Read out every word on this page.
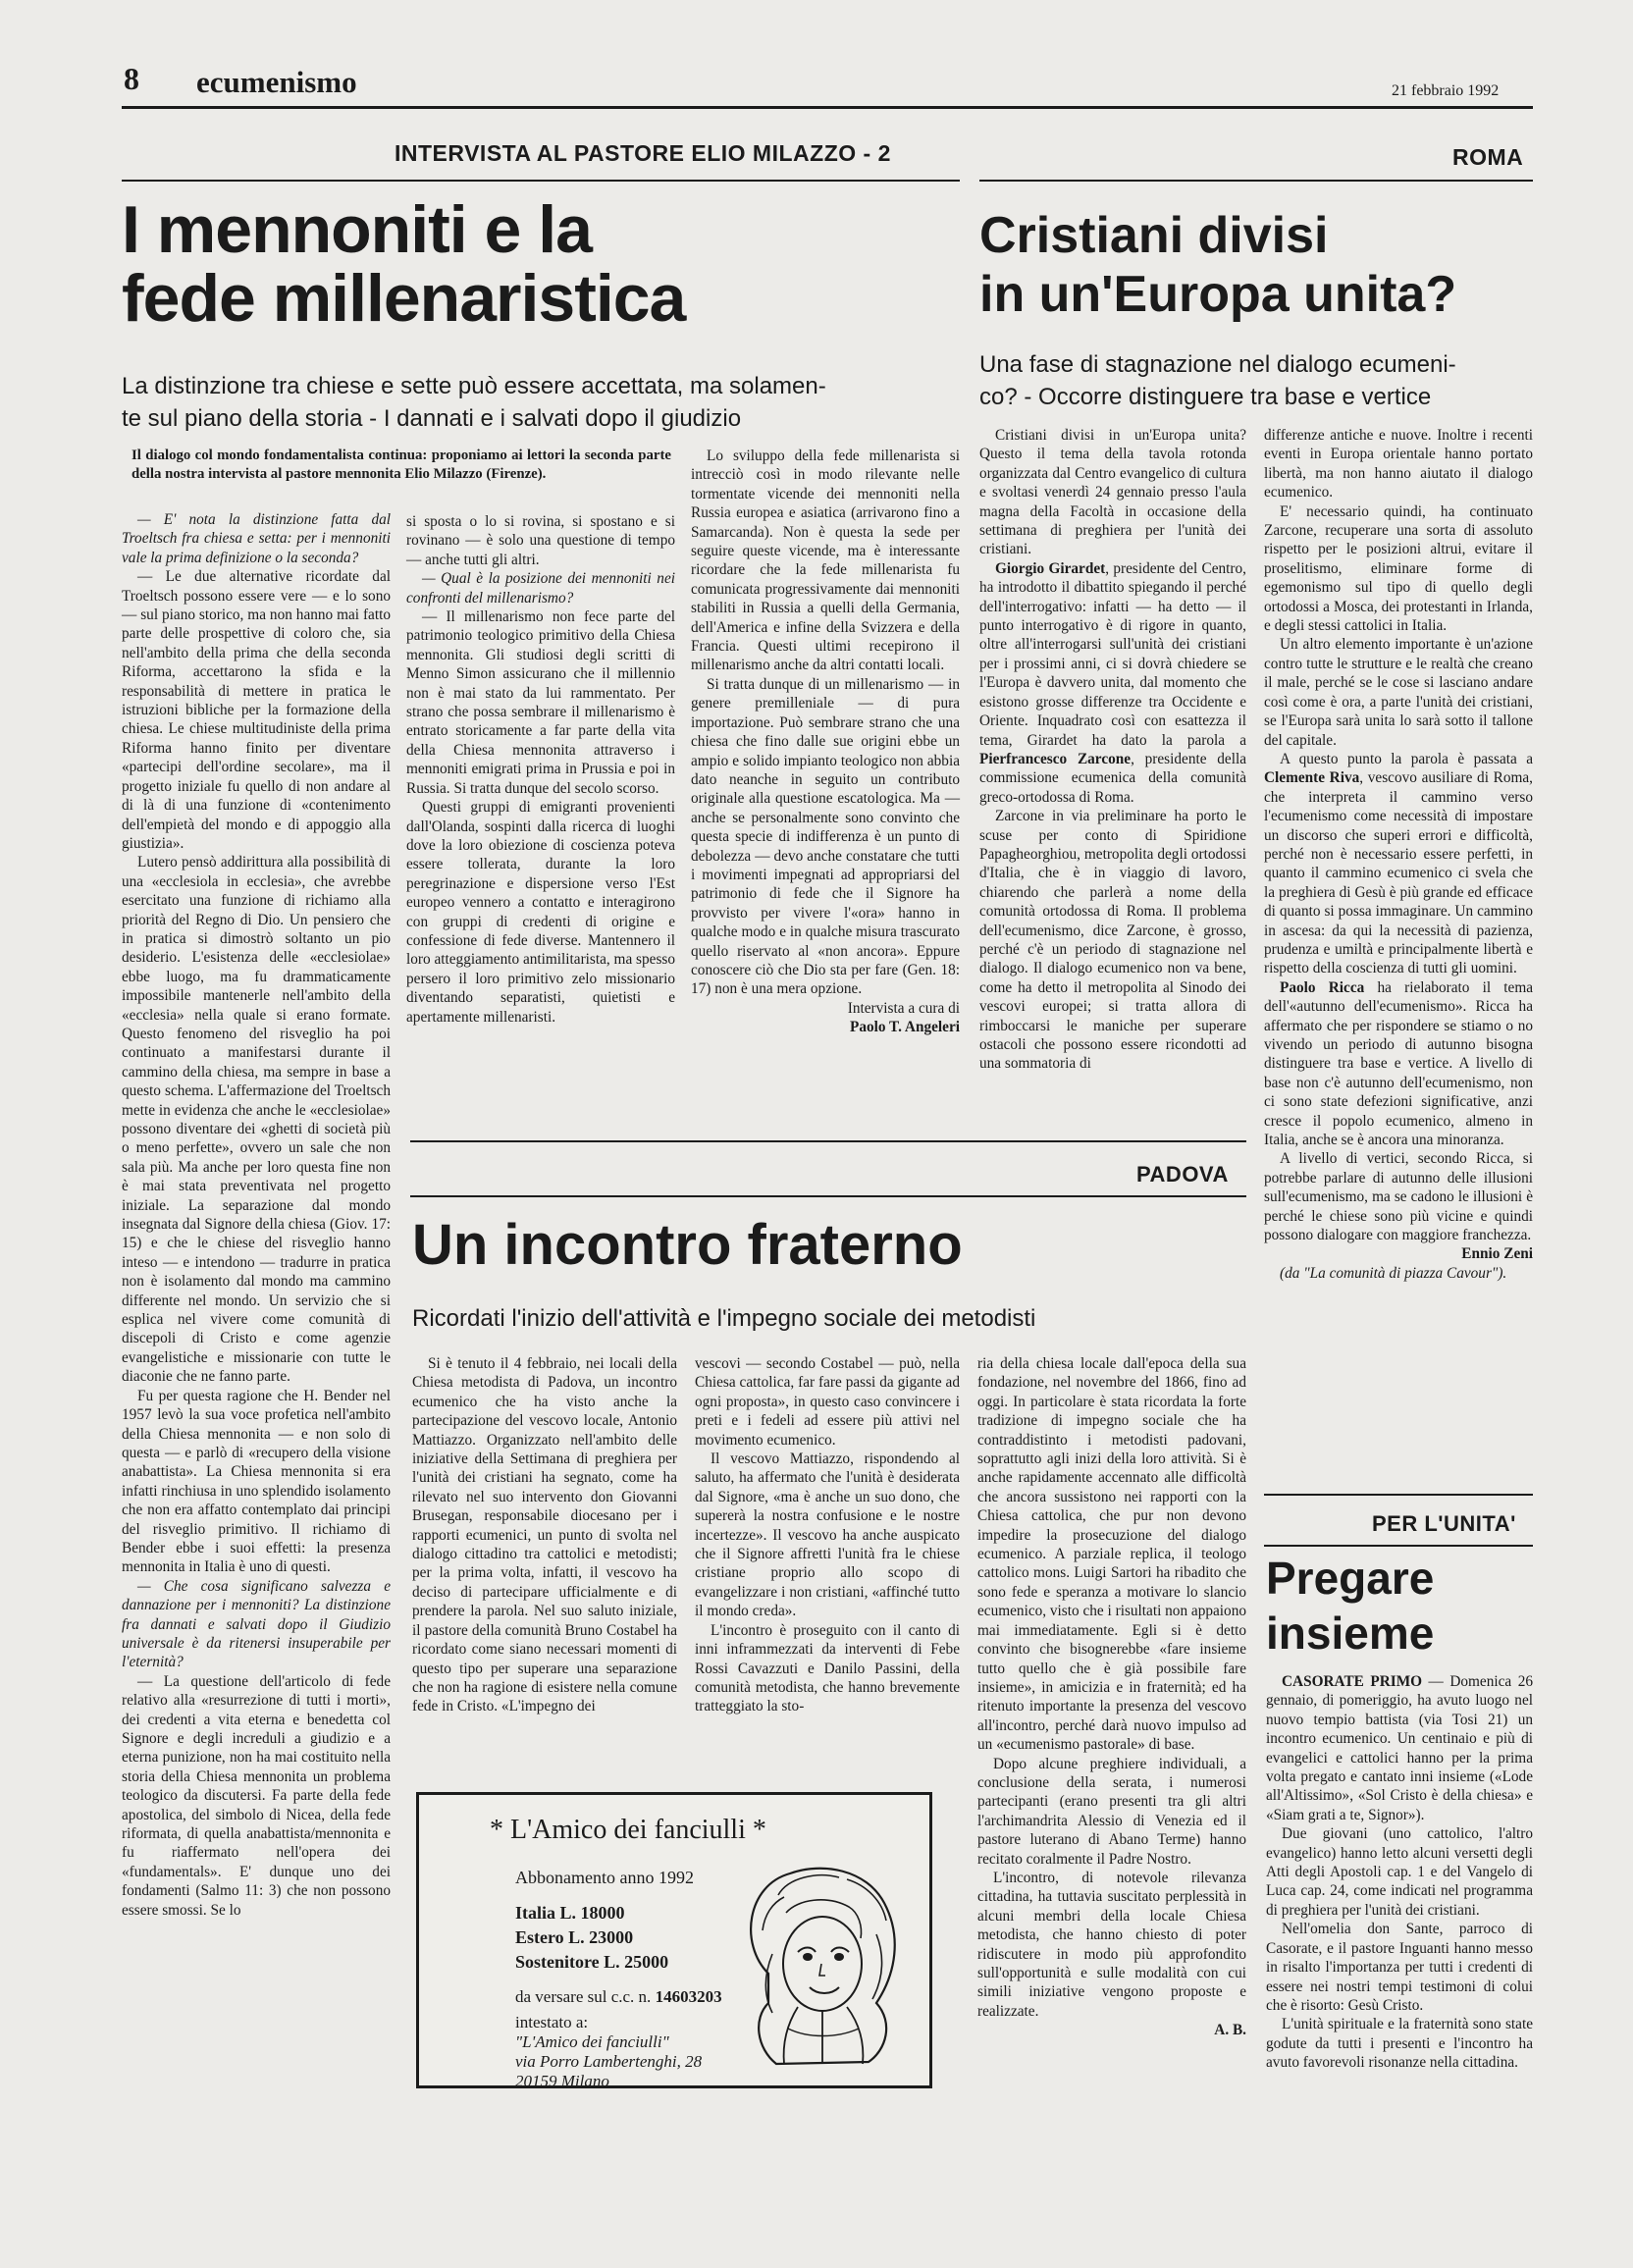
8 ecumenismo	21 febbraio 1992
INTERVISTA AL PASTORE ELIO MILAZZO - 2
I mennoniti e la
fede millenaristica
La distinzione tra chiese e sette può essere accettata, ma solamen-
te sul piano della storia - I dannati e i salvati dopo il giudizio
Il dialogo col mondo fondamentalista continua: proponiamo ai lettori la seconda parte della nostra intervista al pastore mennonita Elio Milazzo (Firenze).

— E' nota la distinzione fatta dal Troeltsch fra chiesa e setta: per i mennoniti vale la prima definizione o la seconda?

— Le due alternative ricordate dal Troeltsch possono essere vere — e lo sono — sul piano storico, ma non hanno mai fatto parte delle prospettive di coloro che, sia nell'ambito della prima che della seconda Riforma, accettarono la sfida e la responsabilità di mettere in pratica le istruzioni bibliche per la formazione della chiesa. Le chiese multitudiniste della prima Riforma hanno finito per diventare «partecipi dell'ordine secolare», ma il progetto iniziale fu quello di non andare al di là di una funzione di «contenimento dell'empietà del mondo e di appoggio alla giustizia».

Lutero pensò addirittura alla possibilità di una «ecclesiola in ecclesia», che avrebbe esercitato una funzione di richiamo alla priorità del Regno di Dio. Un pensiero che in pratica si dimostrò soltanto un pio desiderio. L'esistenza delle «ecclesiolae» ebbe luogo, ma fu drammaticamente impossibile mantenerle nell'ambito della «ecclesia» nella quale si erano formate. Questo fenomeno del risveglio ha poi continuato a manifestarsi durante il cammino della chiesa, ma sempre in base a questo schema. L'affermazione del Troeltsch mette in evidenza che anche le «ecclesiolae» possono diventare dei «ghetti di società più o meno perfette», ovvero un sale che non sala più. Ma anche per loro questa fine non è mai stata preventivata nel progetto iniziale. La separazione dal mondo insegnata dal Signore della chiesa (Giov. 17: 15) e che le chiese del risveglio hanno inteso — e intendono — tradurre in pratica non è isolamento dal mondo ma cammino differente nel mondo. Un servizio che si esplica nel vivere come comunità di discepoli di Cristo e come agenzie evangelistiche e missionarie con tutte le diaconie che ne fanno parte.

Fu per questa ragione che H. Bender nel 1957 levò la sua voce profetica nell'ambito della Chiesa mennonita — e non solo di questa — e parlò di «recupero della visione anabattista». La Chiesa mennonita si era infatti rinchiusa in uno splendido isolamento che non era affatto contemplato dai principi del risveglio primitivo. Il richiamo di Bender ebbe i suoi effetti: la presenza mennonita in Italia è uno di questi.

— Che cosa significano salvezza e dannazione per i mennoniti? La distinzione fra dannati e salvati dopo il Giudizio universale è da ritenersi insuperabile per l'eternità?

— La questione dell'articolo di fede relativo alla «resurrezione di tutti i morti», dei credenti a vita eterna e benedetta col Signore e degli increduli a giudizio e a eterna punizione, non ha mai costituito nella storia della Chiesa mennonita un problema teologico da discutersi. Fa parte della fede apostolica, del simbolo di Nicea, della fede riformata, di quella anabattista/mennonita e fu riaffermato nell'opera dei «fundamentals». E' dunque uno dei fondamenti (Salmo 11: 3) che non possono essere smossi. Se lo

si sposta o lo si rovina, si spostano e si rovinano — è solo una questione di tempo — anche tutti gli altri.

— Qual è la posizione dei mennoniti nei confronti del millenarismo?

— Il millenarismo non fece parte del patrimonio teologico primitivo della Chiesa mennonita. Gli studiosi degli scritti di Menno Simon assicurano che il millennio non è mai stato da lui rammentato. Per strano che possa sembrare il millenarismo è entrato storicamente a far parte della vita della Chiesa mennonita attraverso i mennoniti emigrati prima in Prussia e poi in Russia. Si tratta dunque del secolo scorso.

Questi gruppi di emigranti provenienti dall'Olanda, sospinti dalla ricerca di luoghi dove la loro obiezione di coscienza poteva essere tollerata, durante la loro peregrinazione e dispersione verso l'Est europeo vennero a contatto e interagirono con gruppi di credenti di origine e confessione di fede diverse. Mantennero il loro atteggiamento antimilitarista, ma spesso persero il loro primitivo zelo missionario diventando separatisti, quietisti e apertamente millenaristi.

Lo sviluppo della fede millenarista si intrecciò così in modo rilevante nelle tormentate vicende dei mennoniti nella Russia europea e asiatica (arrivarono fino a Samarcanda). Non è questa la sede per seguire queste vicende, ma è interessante ricordare che la fede millenarista fu comunicata progressivamente dai mennoniti stabiliti in Russia a quelli della Germania, dell'America e infine della Svizzera e della Francia. Questi ultimi recepirono il millenarismo anche da altri contatti locali.

Si tratta dunque di un millenarismo — in genere premillenialе — di pura importazione. Può sembrare strano che una chiesa che fino dalle sue origini ebbe un ampio e solido impianto teologico non abbia dato neanche in seguito un contributo originale alla questione escatologica. Ma — anche se personalmente sono convinto che questa specie di indifferenza è un punto di debolezza — devo anche constatare che tutti i movimenti impegnati ad appropriarsi del patrimonio di fede che il Signore ha provvisto per vivere l'«ora» hanno in qualche modo e in qualche misura trascurato quello riservato al «non ancora». Eppure conoscere ciò che Dio sta per fare (Gen. 18: 17) non è una mera opzione.

Intervista a cura di
Paolo T. Angeleri
ROMA
Cristiani divisi
in un'Europa unita?
Una fase di stagnazione nel dialogo ecumeni-
co? - Occorre distinguere tra base e vertice

Cristiani divisi in un'Europa unita? Questo il tema della tavola rotonda organizzata dal Centro evangelico di cultura e svoltasi venerdì 24 gennaio presso l'aula magna della Facoltà in occasione della settimana di preghiera per l'unità dei cristiani.

Giorgio Girardet, presidente del Centro, ha introdotto il dibattito spiegando il perché dell'interrogativo: infatti — ha detto — il punto interrogativo è di rigore in quanto, oltre all'interrogarsi sull'unità dei cristiani per i prossimi anni, ci si dovrà chiedere se l'Europa è davvero unita, dal momento che esistono grosse differenze tra Occidente e Oriente. Inquadrato così con esattezza il tema, Girardet ha dato la parola a Pierfrancesco Zarcone, presidente della commissione ecumenica della comunità greco-ortodossa di Roma.

Zarcone in via preliminare ha porto le scuse per conto di Spiridione Papagheorghiou, metropolita degli ortodossi d'Italia, che è in viaggio di lavoro, chiarendo che parlerà a nome della comunità ortodossa di Roma. Il problema dell'ecumenismo, dice Zarcone, è grosso, perché c'è un periodo di stagnazione nel dialogo. Il dialogo ecumenico non va bene, come ha detto il metropolita al Sinodo dei vescovi europei; si tratta allora di rimboccarsi le maniche per superare ostacoli che possono essere ricondotti ad una sommatoria di

differenze antiche e nuove. Inoltre i recenti eventi in Europa orientale hanno portato libertà, ma non hanno aiutato il dialogo ecumenico.

E' necessario quindi, ha continuato Zarcone, recuperare una sorta di assoluto rispetto per le posizioni altrui, evitare il proselitismo, eliminare forme di egemonismo sul tipo di quello degli ortodossi a Mosca, dei protestanti in Irlanda, e degli stessi cattolici in Italia.

Un altro elemento importante è un'azione contro tutte le strutture e le realtà che creano il male, perché se le cose si lasciano andare così come è ora, a parte l'unità dei cristiani, se l'Europa sarà unita lo sarà sotto il tallone del capitale.

A questo punto la parola è passata a Clemente Riva, vescovo ausiliare di Roma, che interpreta il cammino verso l'ecumenismo come necessità di impostare un discorso che superi errori e difficoltà, perché non è necessario essere perfetti, in quanto il cammino ecumenico ci svela che la preghiera di Gesù è più grande ed efficace di quanto si possa immaginare. Un cammino in ascesa: da qui la necessità di pazienza, prudenza e umiltà e principalmente libertà e rispetto della coscienza di tutti gli uomini.

Paolo Ricca ha rielaborato il tema dell'«autunno dell'ecumenismo». Ricca ha affermato che per rispondere se stiamo o no vivendo un periodo di autunno bisogna distinguere tra base e vertice. A livello di base non c'è autunno dell'ecumenismo, non ci sono state defezioni significative, anzi cresce il popolo ecumenico, almeno in Italia, anche se è ancora una minoranza.

A livello di vertici, secondo Ricca, si potrebbe parlare di autunno delle illusioni sull'ecumenismo, ma se cadono le illusioni è perché le chiese sono più vicine e quindi possono dialogare con maggiore franchezza.

Ennio Zeni
(da "La comunità di piazza Cavour").
PADOVA
Un incontro fraterno
Ricordati l'inizio dell'attività e l'impegno sociale dei metodisti

Si è tenuto il 4 febbraio, nei locali della Chiesa metodista di Padova, un incontro ecumenico che ha visto anche la partecipazione del vescovo locale, Antonio Mattiazzo. Organizzato nell'ambito delle iniziative della Settimana di preghiera per l'unità dei cristiani ha segnato, come ha rilevato nel suo intervento don Giovanni Brusegan, responsabile diocesano per i rapporti ecumenici, un punto di svolta nel dialogo cittadino tra cattolici e metodisti; per la prima volta, infatti, il vescovo ha deciso di partecipare ufficialmente e di prendere la parola. Nel suo saluto iniziale, il pastore della comunità Bruno Costabel ha ricordato come siano necessari momenti di questo tipo per superare una separazione che non ha ragione di esistere nella comune fede in Cristo. «L'impegno dei

vescovi — secondo Costabel — può, nella Chiesa cattolica, far fare passi da gigante ad ogni proposta», in questo caso convincere i preti e i fedeli ad essere più attivi nel movimento ecumenico.

Il vescovo Mattiazzo, rispondendo al saluto, ha affermato che l'unità è desiderata dal Signore, «ma è anche un suo dono, che supererà la nostra confusione e le nostre incertezze». Il vescovo ha anche auspicato che il Signore affretti l'unità fra le chiese cristiane proprio allo scopo di evangelizzare i non cristiani, «affinché tutto il mondo creda».

L'incontro è proseguito con il canto di inni inframmezzati da interventi di Febe Rossi Cavazzuti e Danilo Passini, della comunità metodista, che hanno brevemente tratteggiato la sto-

ria della chiesa locale dall'epoca della sua fondazione, nel novembre del 1866, fino ad oggi. In particolare è stata ricordata la forte tradizione di impegno sociale che ha contraddistinto i metodisti padovani, soprattutto agli inizi della loro attività. Si è anche rapidamente accennato alle difficoltà che ancora sussistono nei rapporti con la Chiesa cattolica, che pur non devono impedire la prosecuzione del dialogo ecumenico. A parziale replica, il teologo cattolico mons. Luigi Sartori ha ribadito che sono fede e speranza a motivare lo slancio ecumenico, visto che i risultati non appaiono mai immediatamente. Egli si è detto convinto che bisognerebbe «fare insieme tutto quello che è già possibile fare insieme», in amicizia e in fraternità; ed ha ritenuto importante la presenza del vescovo all'incontro, perché darà nuovo impulso ad un «ecumenismo pastorale» di base.

Dopo alcune preghiere individuali, a conclusione della serata, i numerosi partecipanti (erano presenti tra gli altri l'archimandrita Alessio di Venezia ed il pastore luterano di Abano Terme) hanno recitato coralmente il Padre Nostro.

L'incontro, di notevole rilevanza cittadina, ha tuttavia suscitato perplessità in alcuni membri della locale Chiesa metodista, che hanno chiesto di poter ridiscutere in modo più approfondito sull'opportunità e sulle modalità con cui simili iniziative vengono proposte e realizzate.

A. B.
* L'Amico dei fanciulli *
Abbonamento anno 1992
Italia L. 18000
Estero L. 23000
Sostenitore L. 25000
da versare sul c.c. n. 14603203
intestato a:
"L'Amico dei fanciulli"
via Porro Lambertenghi, 28
20159 Milano
PER L'UNITA'
Pregare
insieme

CASORATE PRIMO — Domenica 26 gennaio, di pomeriggio, ha avuto luogo nel nuovo tempio battista (via Tosi 21) un incontro ecumenico. Un centinaio e più di evangelici e cattolici hanno per la prima volta pregato e cantato inni insieme («Lode all'Altissimo», «Sol Cristo è della chiesa» e «Siam grati a te, Signor»).

Due giovani (uno cattolico, l'altro evangelico) hanno letto alcuni versetti degli Atti degli Apostoli cap. 1 e del Vangelo di Luca cap. 24, come indicati nel programma di preghiera per l'unità dei cristiani.

Nell'omelia don Sante, parroco di Casorate, e il pastore Inguanti hanno messo in risalto l'importanza per tutti i credenti di essere nei nostri tempi testimoni di colui che è risorto: Gesù Cristo.

L'unità spirituale e la fraternità sono state godute da tutti i presenti e l'incontro ha avuto favorevoli risonanze nella cittadina.
